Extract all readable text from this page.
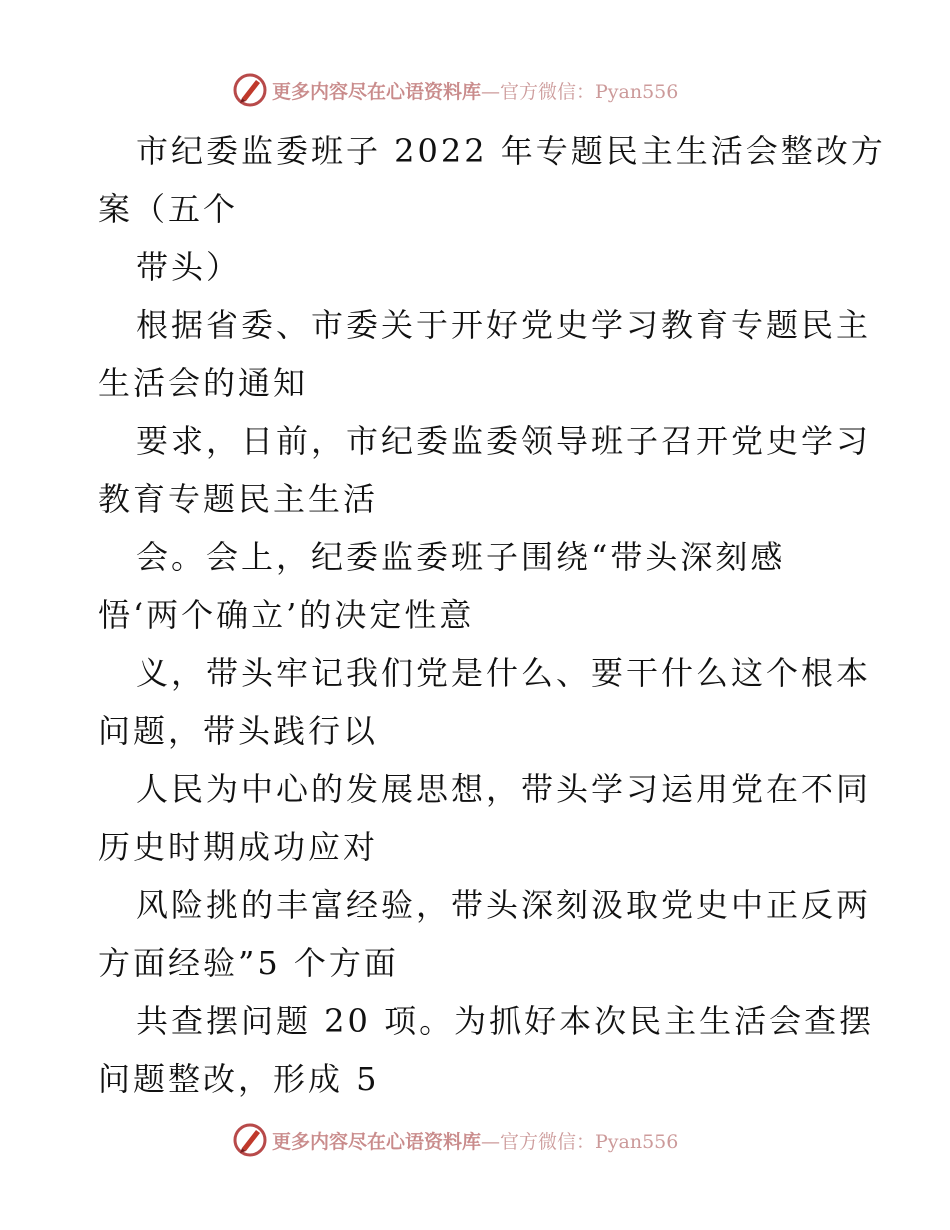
更多内容尽在心语资料库—官方微信：Pyan556
市纪委监委班子 2022 年专题民主生活会整改方
案（五个
带头）
根据省委、市委关于开好党史学习教育专题民主
生活会的通知
要求，日前，市纪委监委领导班子召开党史学习
教育专题民主生活
会。会上，纪委监委班子围绕“带头深刻感
悟‘两个确立’的决定性意
义，带头牢记我们党是什么、要干什么这个根本
问题，带头践行以
人民为中心的发展思想，带头学习运用党在不同
历史时期成功应对
风险挑的丰富经验，带头深刻汲取党史中正反两
方面经验”5 个方面
共查摆问题 20 项。为抓好本次民主生活会查摆
问题整改，形成 5
更多内容尽在心语资料库—官方微信：Pyan556
